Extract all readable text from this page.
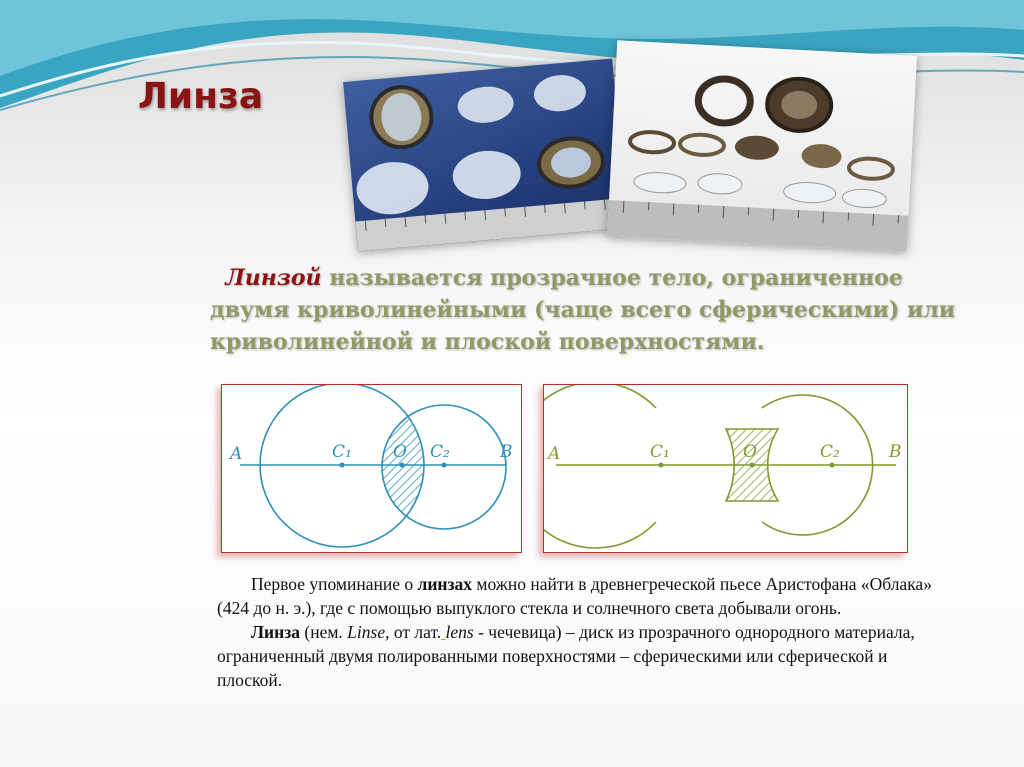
Линза
Линзой называется прозрачное тело, ограниченное двумя криволинейными (чаще всего сферическими) или криволинейной и плоской поверхностями.
A	C₁ O C₂	B A	C₁	O	C₂	B

Первое упоминание о линзах можно найти в древнегреческой пьесе Аристофана «Облака» (424 до н. э.), где с помощью выпуклого стекла и солнечного света добывали огонь.

Линза (нем. Linse, от лат. lens - чечевица) – диск из прозрачного однородного материала, ограниченный двумя полированными поверхностями – сферическими или сферической и плоской.
